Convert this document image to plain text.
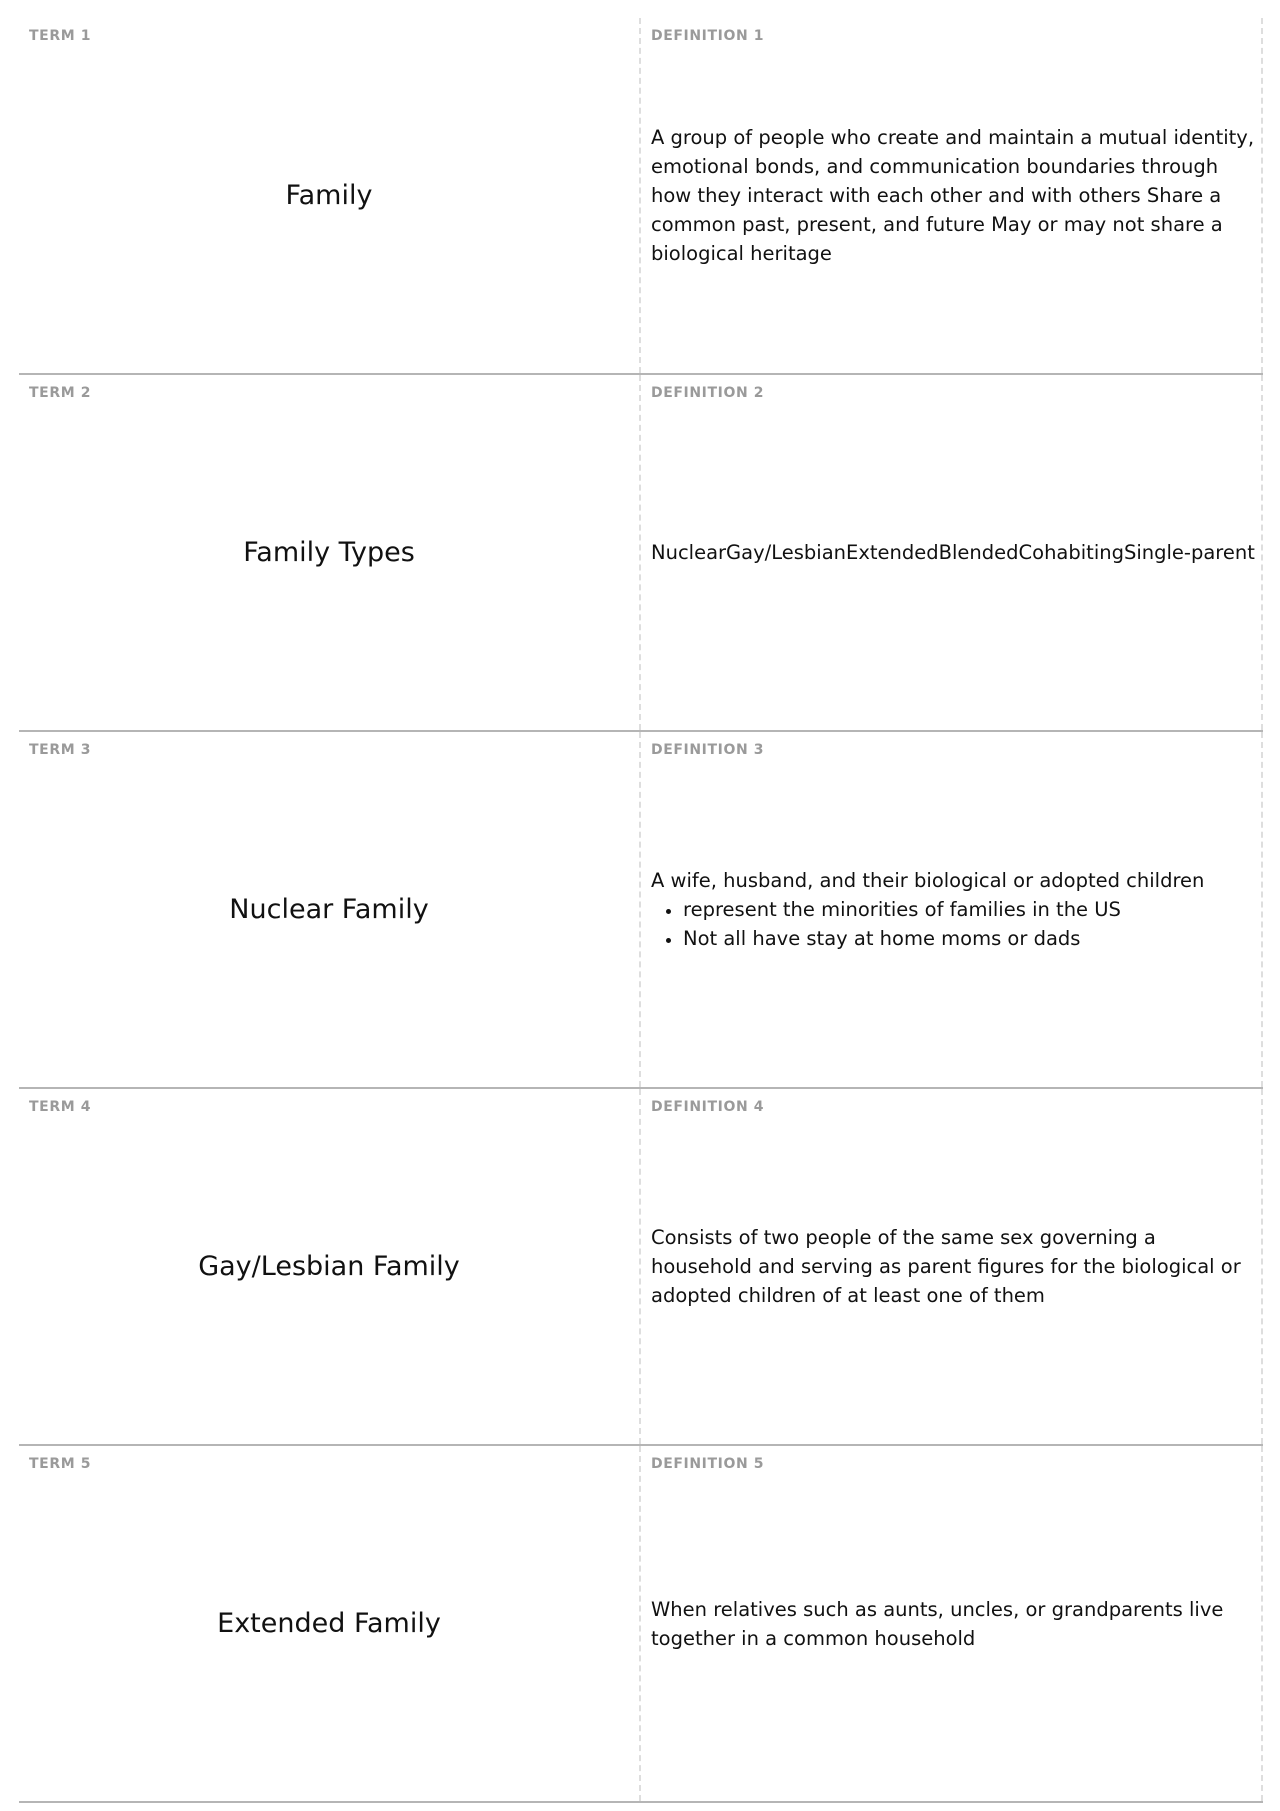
TERM 1
Family
DEFINITION 1

A group of people who create and maintain a mutual identity, emotional bonds, and communication boundaries through how they interact with each other and with others Share a common past, present, and future May or may not share a biological heritage

TERM 2
Family Types
DEFINITION 2

NuclearGay/LesbianExtendedBlendedCohabitingSingle-parent

TERM 3
Nuclear Family
DEFINITION 3

A wife, husband, and their biological or adopted children

• represent the minorities of families in the US
• Not all have stay at home moms or dads
TERM 4
Gay/Lesbian Family
DEFINITION 4

Consists of two people of the same sex governing a household and serving as parent figures for the biological or adopted children of at least one of them

TERM 5
Extended Family
DEFINITION 5

When relatives such as aunts, uncles, or grandparents live together in a common household
